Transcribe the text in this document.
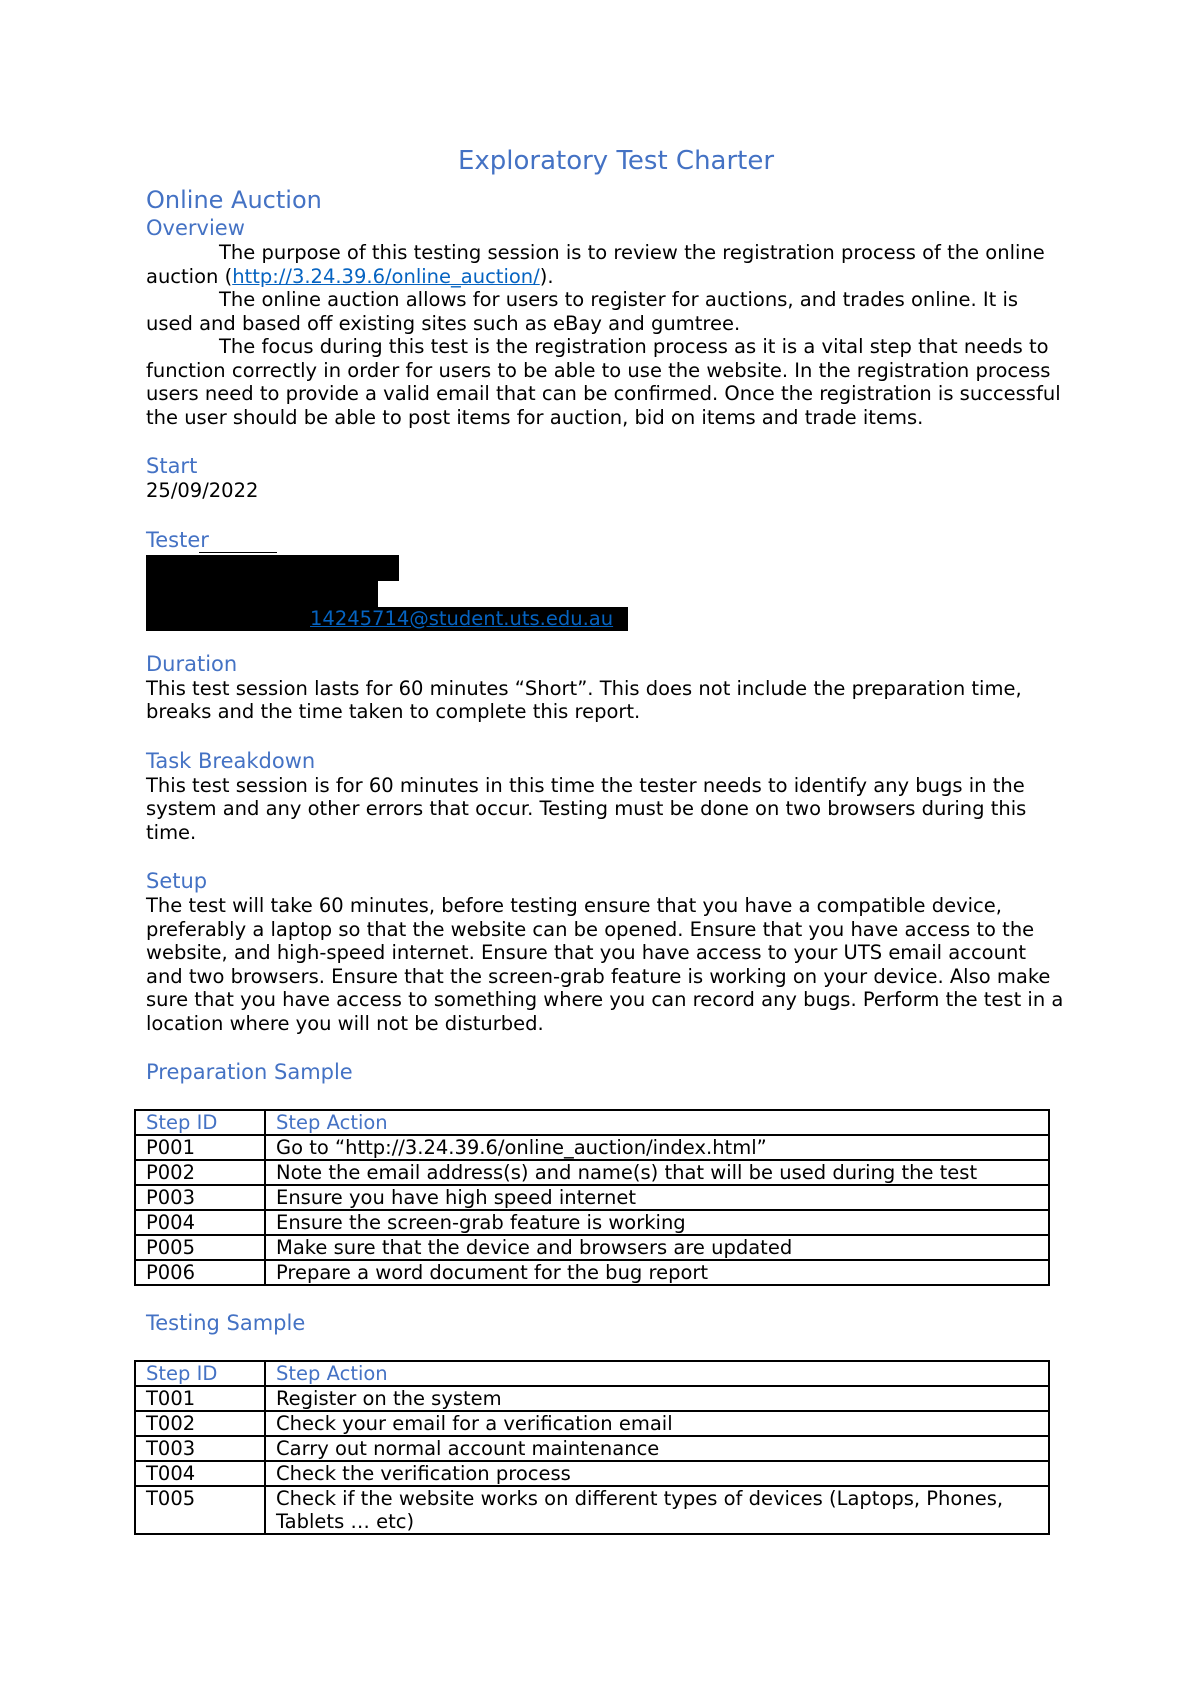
Exploratory Test Charter
Online Auction
Overview

The purpose of this testing session is to review the registration process of the online auction (http://3.24.39.6/online_auction/).

The online auction allows for users to register for auctions, and trades online. It is used and based off existing sites such as eBay and gumtree.

The focus during this test is the registration process as it is a vital step that needs to function correctly in order for users to be able to use the website. In the registration process users need to provide a valid email that can be confirmed. Once the registration is successful the user should be able to post items for auction, bid on items and trade items.

Start

25/09/2022

Tester
14245714@student.uts.edu.au
Duration

This test session lasts for 60 minutes “Short”. This does not include the preparation time, breaks and the time taken to complete this report.

Task Breakdown

This test session is for 60 minutes in this time the tester needs to identify any bugs in the system and any other errors that occur. Testing must be done on two browsers during this time.

Setup

The test will take 60 minutes, before testing ensure that you have a compatible device, preferably a laptop so that the website can be opened. Ensure that you have access to the website, and high-speed internet. Ensure that you have access to your UTS email account and two browsers. Ensure that the screen-grab feature is working on your device. Also make sure that you have access to something where you can record any bugs. Perform the test in a location where you will not be disturbed.

Preparation Sample
Step ID	Step Action
P001	Go to “http://3.24.39.6/online_auction/index.html”
P002	Note the email address(s) and name(s) that will be used during the test
P003	Ensure you have high speed internet
P004	Ensure the screen-grab feature is working
P005	Make sure that the device and browsers are updated
P006	Prepare a word document for the bug report
Testing Sample
Step ID	Step Action
T001	Register on the system
T002	Check your email for a verification email
T003	Carry out normal account maintenance
T004	Check the verification process
T005	Check if the website works on different types of devices (Laptops, Phones, Tablets … etc)
